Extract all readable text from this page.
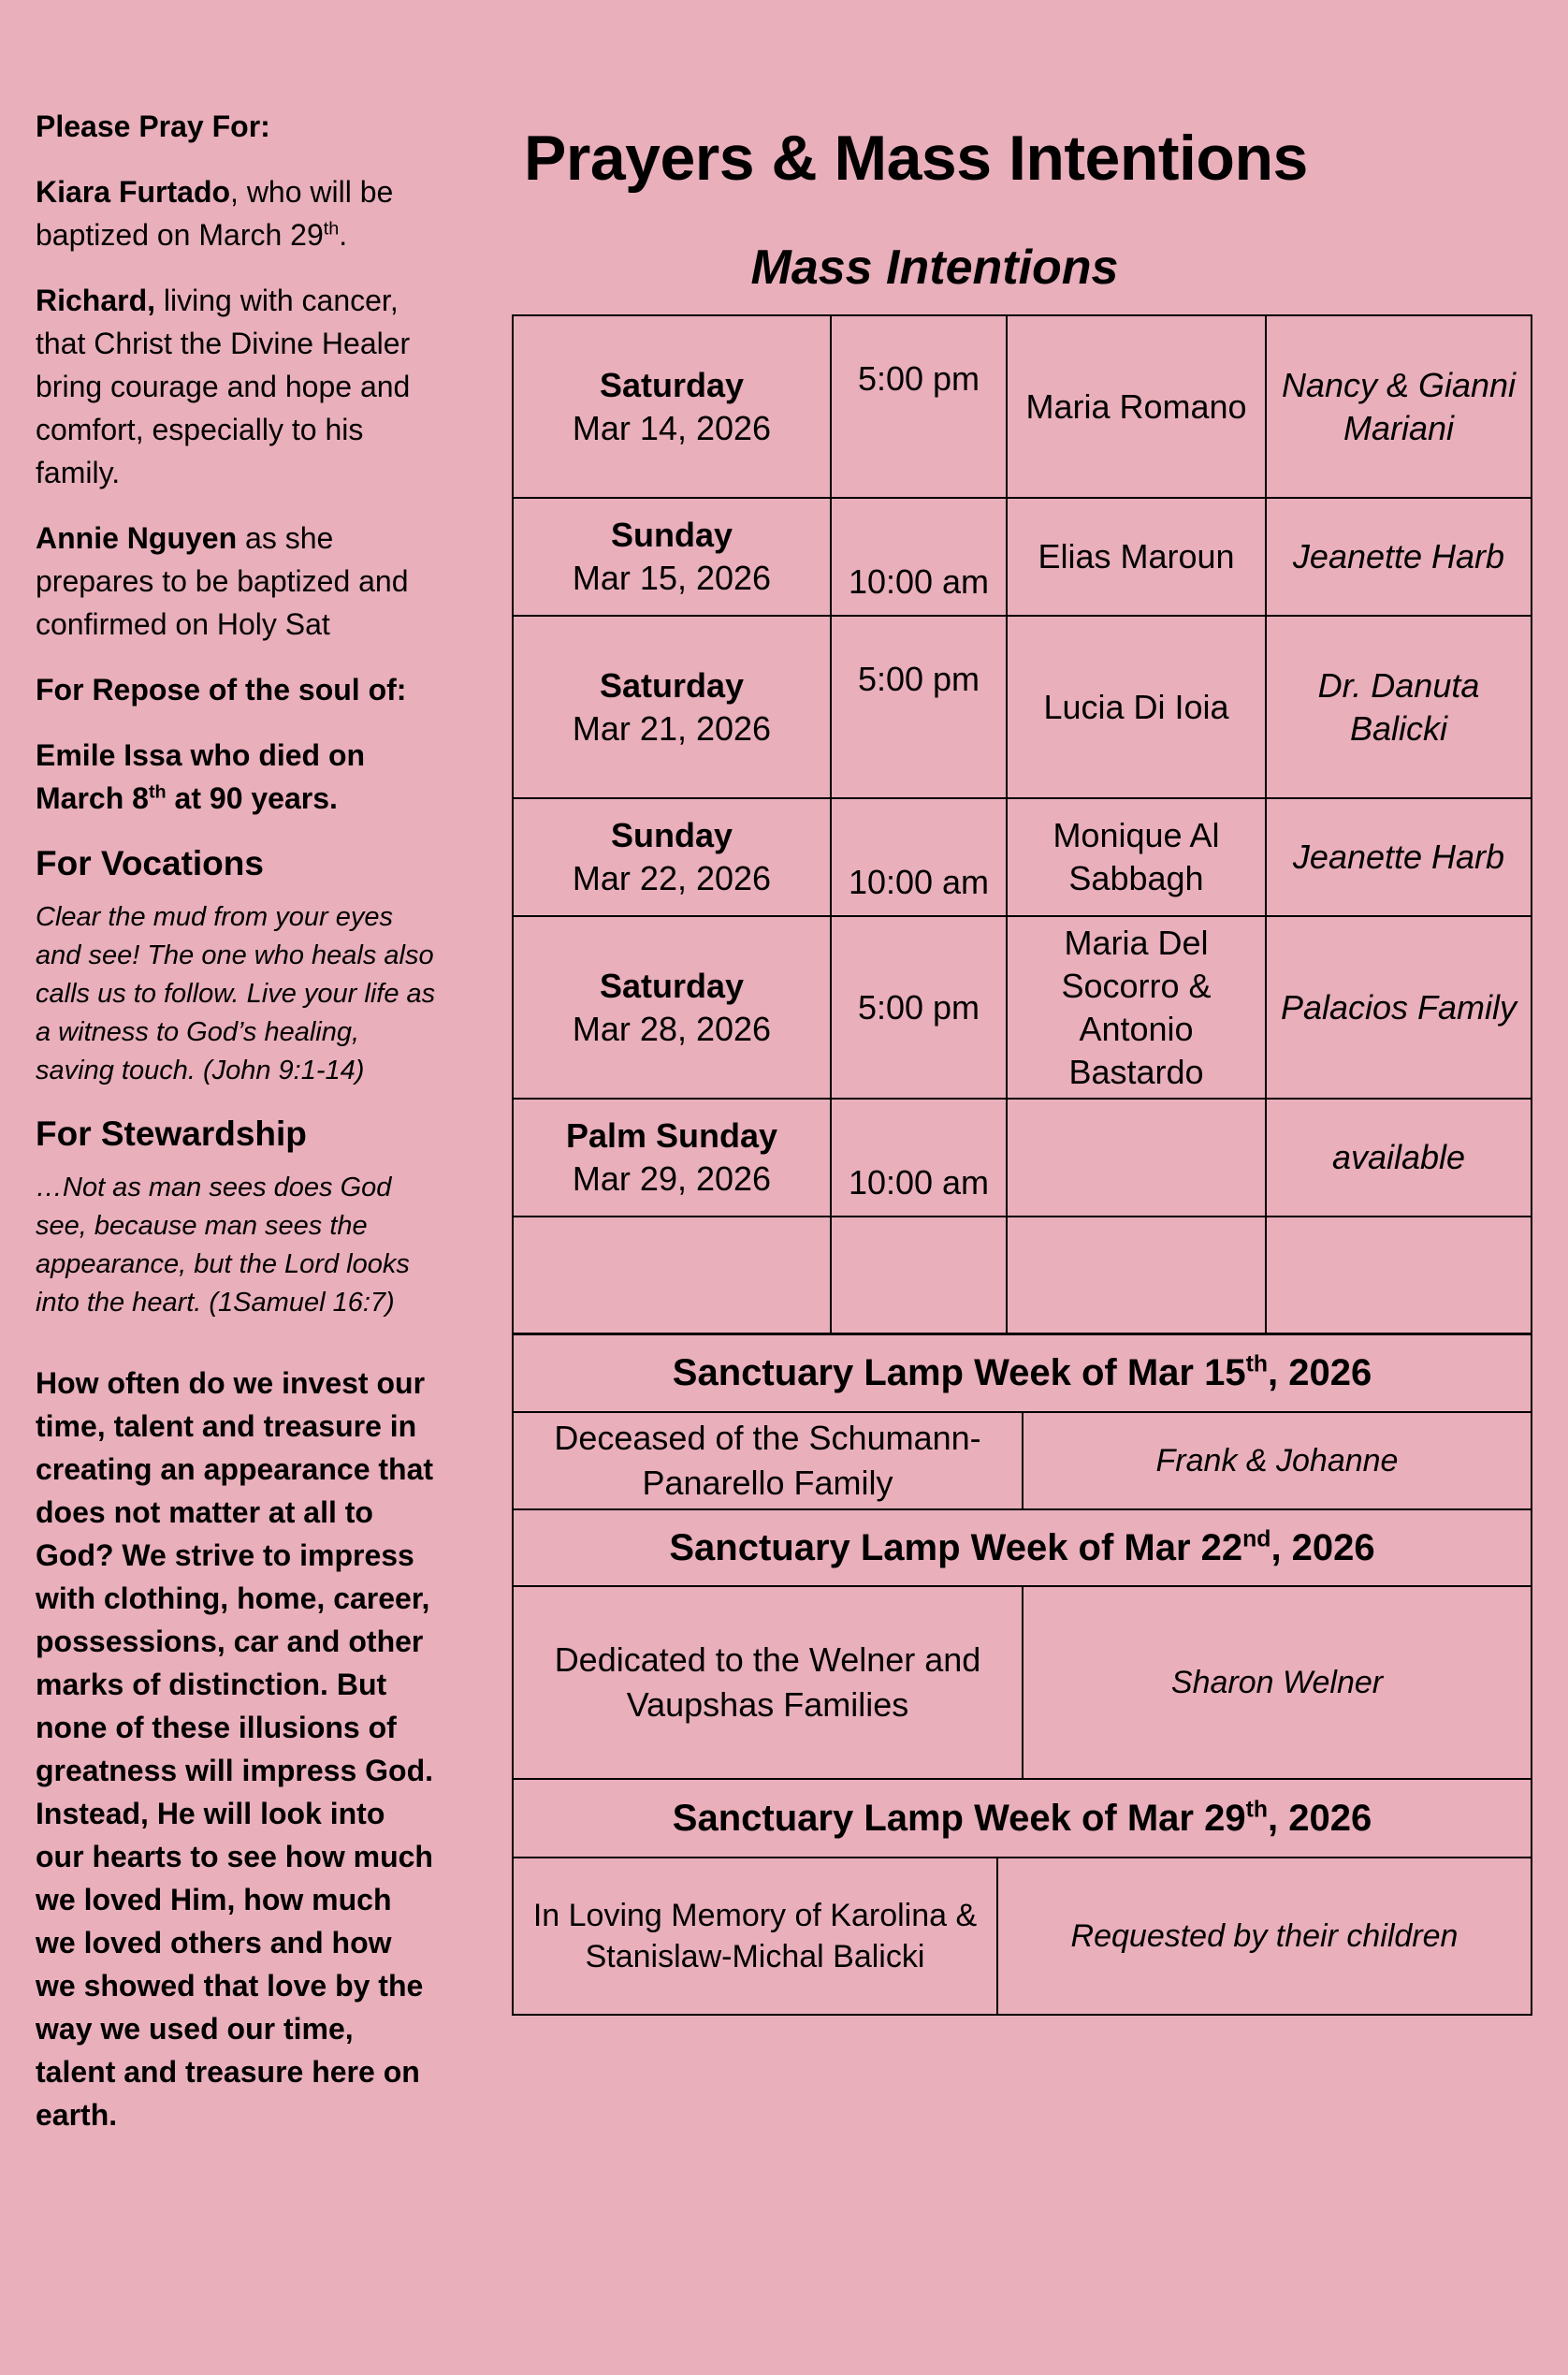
Please Pray For:

Kiara Furtado, who will be baptized on March 29th.

Richard, living with cancer, that Christ the Divine Healer bring courage and hope and comfort, especially to his family.

Annie Nguyen as she prepares to be baptized and confirmed on Holy Sat

For Repose of the soul of:

Emile Issa who died on March 8th at 90 years.

For Vocations

Clear the mud from your eyes and see! The one who heals also calls us to follow. Live your life as a witness to God’s healing, saving touch. (John 9:1-14)

For Stewardship

…Not as man sees does God see, because man sees the appearance, but the Lord looks into the heart. (1Samuel 16:7)

How often do we invest our time, talent and treasure in creating an appearance that does not matter at all to God? We strive to impress with clothing, home, career, possessions, car and other marks of distinction. But none of these illusions of greatness will impress God. Instead, He will look into our hearts to see how much we loved Him, how much we loved others and how we showed that love by the way we used our time, talent and treasure here on earth.

Prayers & Mass Intentions
Mass Intentions
Saturday
Mar 14, 2026	5:00 pm	Maria Romano	Nancy & Gianni Mariani

Sunday
Mar 15, 2026	10:00 am	Elias Maroun	Jeanette Harb

Saturday
Mar 21, 2026	5:00 pm	Lucia Di Ioia	Dr. Danuta Balicki

Sunday
Mar 22, 2026	10:00 am	Monique Al Sabbagh	Jeanette Harb

Saturday
Mar 28, 2026	5:00 pm	Maria Del Socorro & Antonio Bastardo	Palacios Family

Palm Sunday
Mar 29, 2026	10:00 am		available

Sanctuary Lamp Week of Mar 15th, 2026
Deceased of the Schumann-Panarello Family	Frank & Johanne
Sanctuary Lamp Week of Mar 22nd, 2026
Dedicated to the Welner and Vaupshas Families	Sharon Welner
Sanctuary Lamp Week of Mar 29th, 2026
In Loving Memory of Karolina & Stanislaw-Michal Balicki	Requested by their children
